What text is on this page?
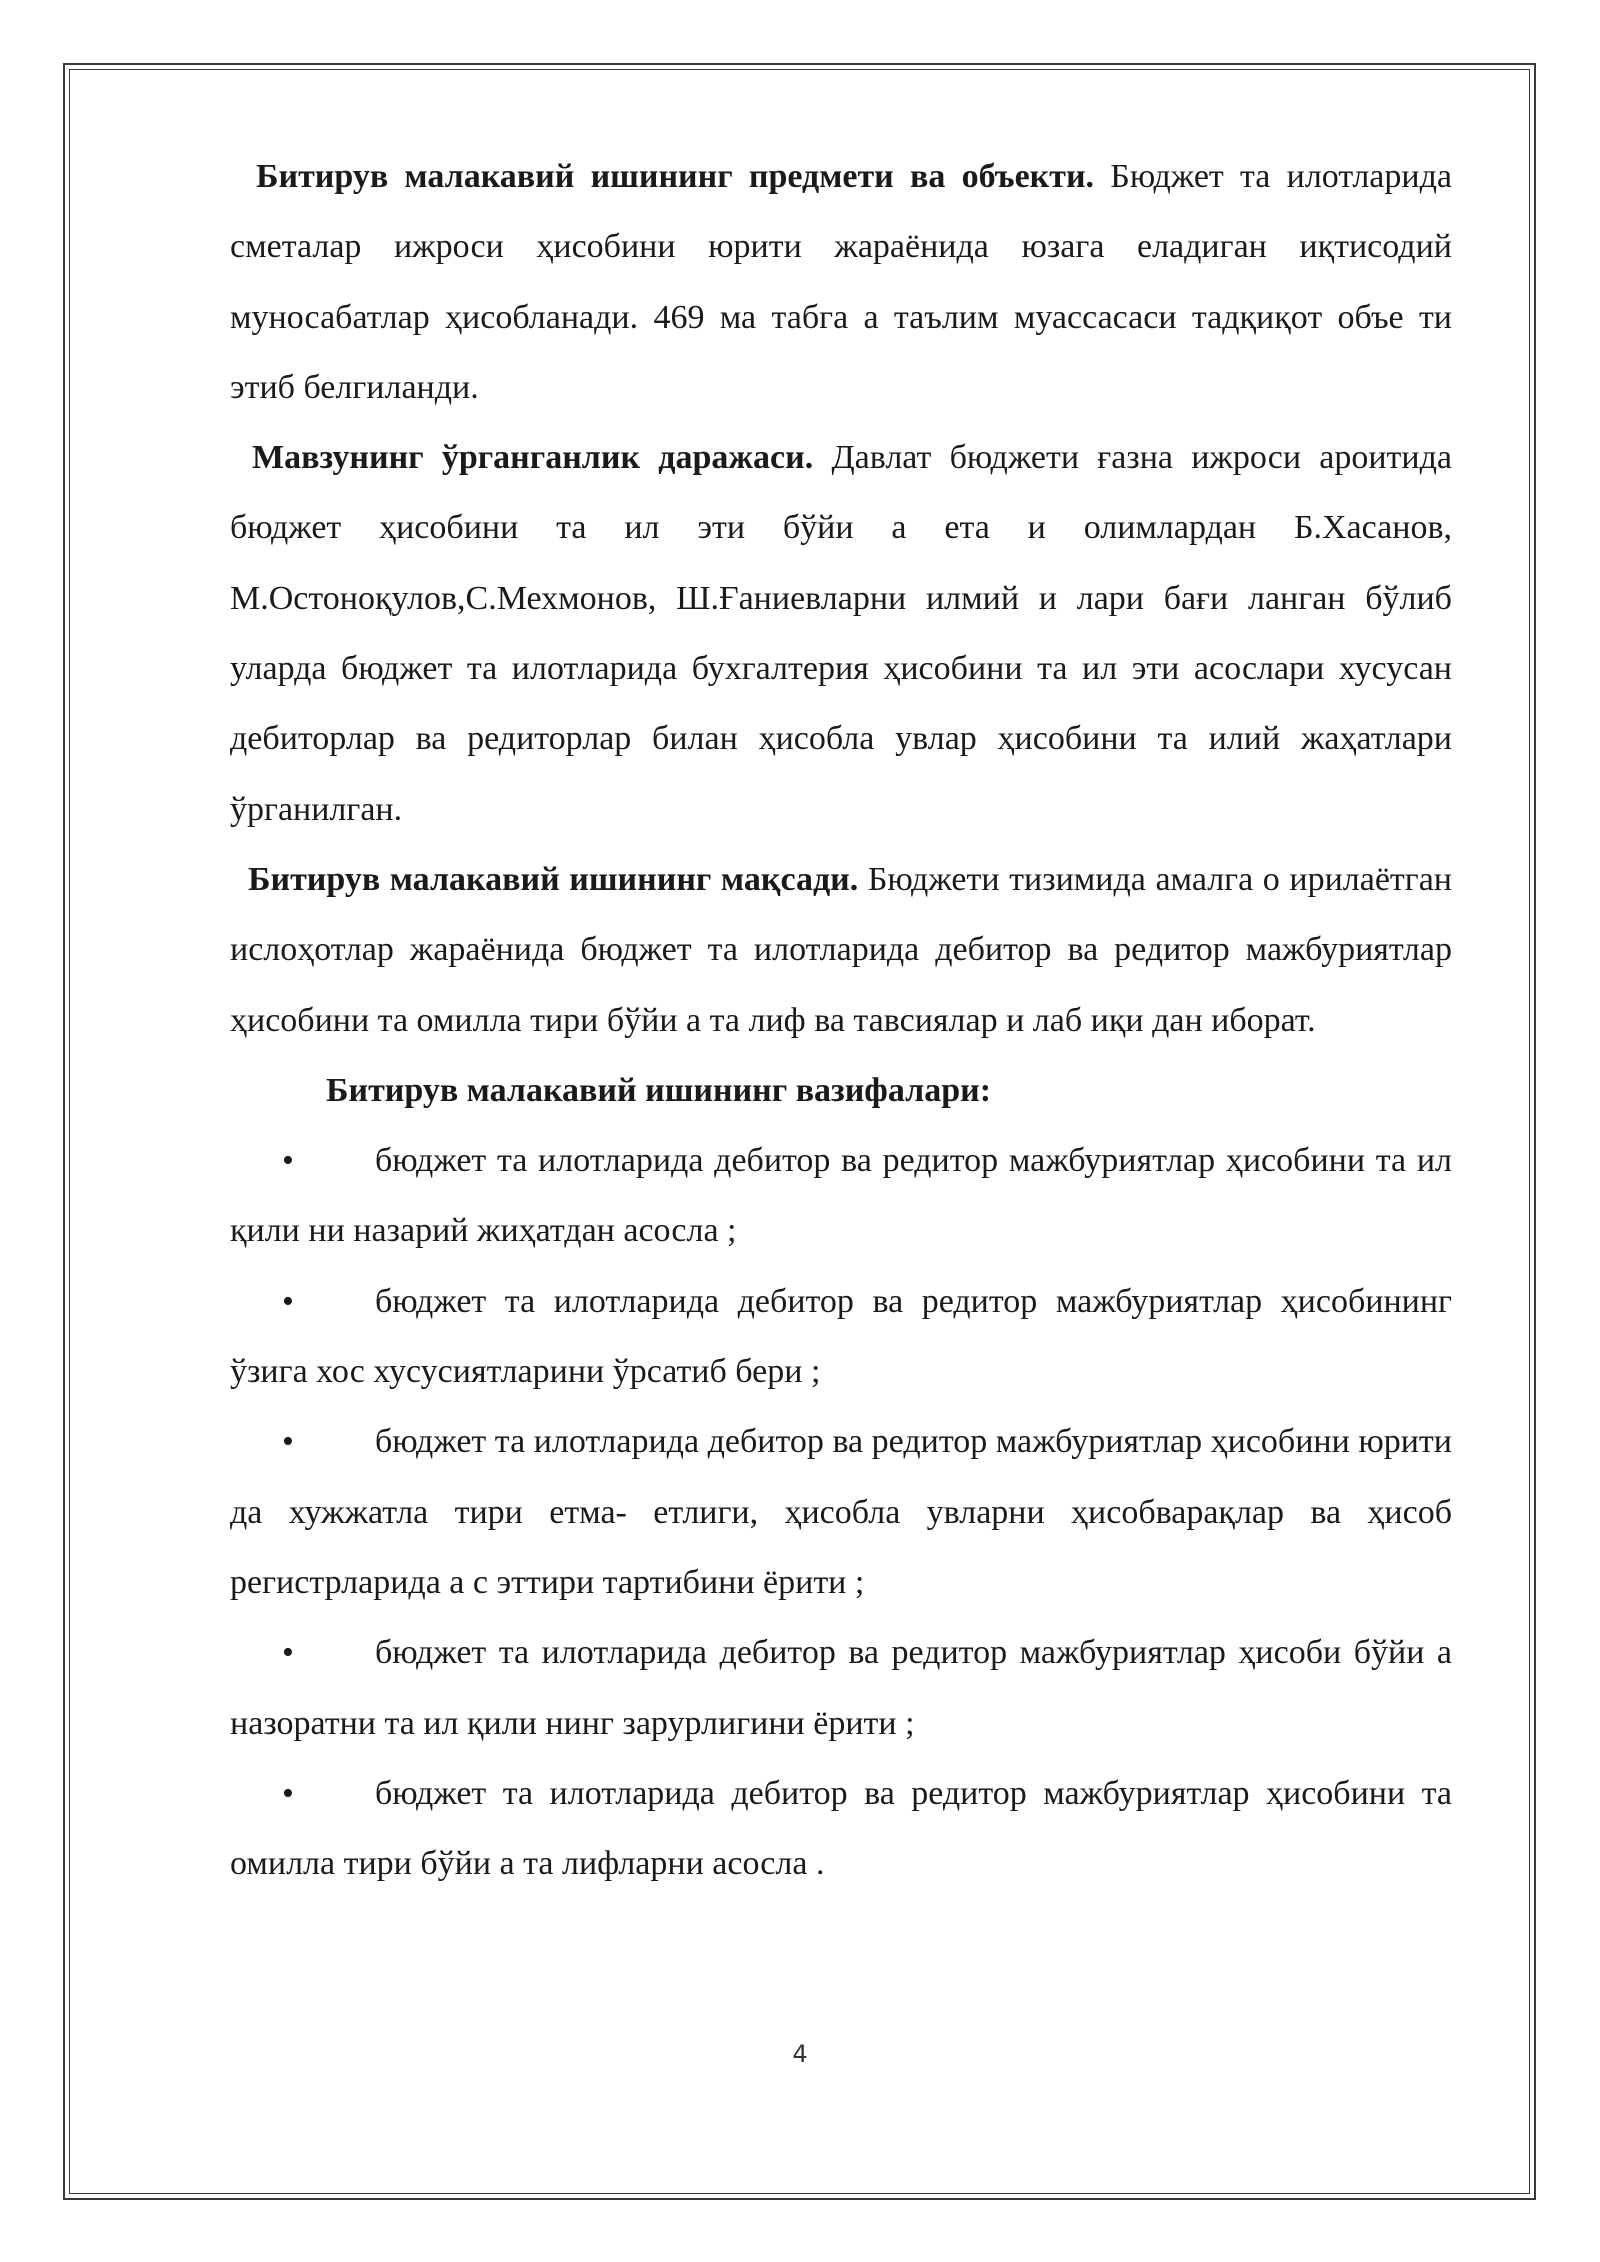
Битирув малакавий ишининг предмети ва объекти. Бюджет та илотларида сметалар ижроси ҳисобини юрити жараёнида юзага еладиган иқтисодий муносабатлар ҳисобланади. 469 ма табга а таълим муассасаси тадқиқот объе ти этиб белгиланди.

Мавзунинг ўрганганлик даражаси. Давлат бюджети ғазна ижроси ароитида бюджет ҳисобини та ил эти бўйи а ета и олимлардан Б.Хасанов, М.Остоноқулов,С.Мехмонов, Ш.Ғаниевларни илмий и лари бағи ланган бўлиб уларда бюджет та илотларида бухгалтерия ҳисобини та ил эти асослари хусусан дебиторлар ва редиторлар билан ҳисобла увлар ҳисобини та илий жаҳатлари ўрганилган.

Битирув малакавий ишининг мақсади. Бюджети тизимида амалга о ирилаётган ислоҳотлар жараёнида бюджет та илотларида дебитор ва редитор мажбуриятлар ҳисобини та омилла тири бўйи а та лиф ва тавсиялар и лаб иқи дан иборат.

Битирув малакавий ишининг вазифалари:

• бюджет та илотларида дебитор ва редитор мажбуриятлар ҳисобини та ил қили ни назарий жиҳатдан асосла ;

• бюджет та илотларида дебитор ва редитор мажбуриятлар ҳисобининг ўзига хос хусусиятларини ўрсатиб бери ;

• бюджет та илотларида дебитор ва редитор мажбуриятлар ҳисобини юрити да хужжатла тири етма- етлиги, ҳисобла увларни ҳисобварақлар ва ҳисоб регистрларида а с эттири тартибини ёрити ;

• бюджет та илотларида дебитор ва редитор мажбуриятлар ҳисоби бўйи а назоратни та ил қили нинг зарурлигини ёрити ;

• бюджет та илотларида дебитор ва редитор мажбуриятлар ҳисобини та омилла тири бўйи а та лифларни асосла .

4
